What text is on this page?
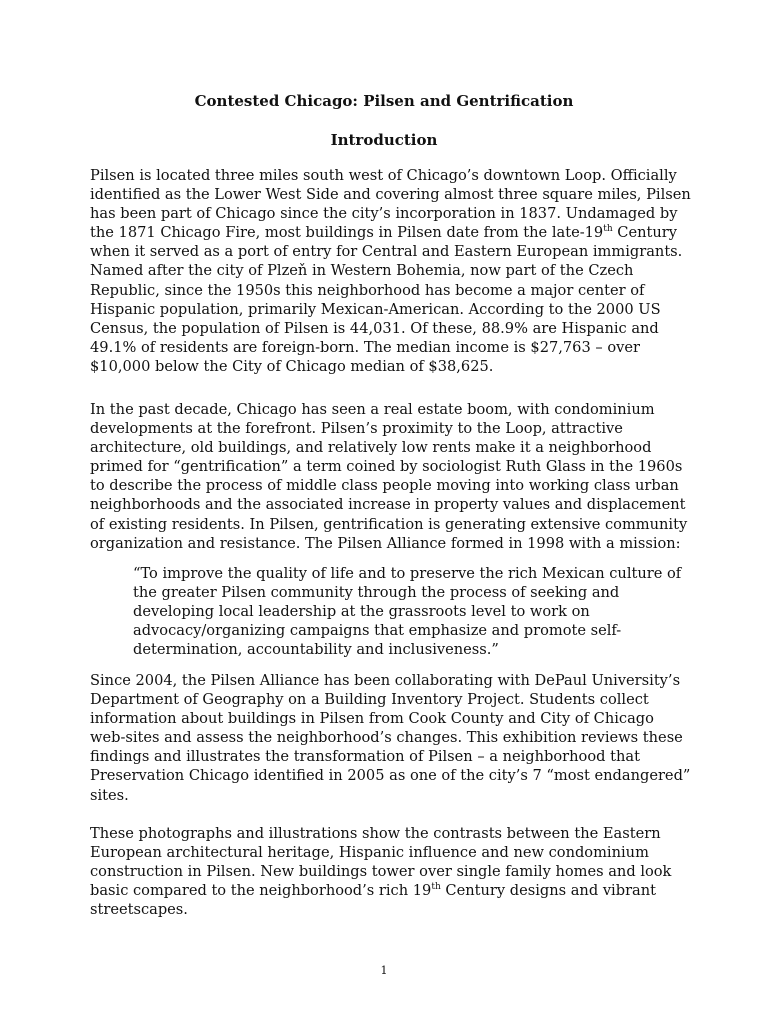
Contested Chicago: Pilsen and Gentrification
Introduction

Pilsen is located three miles south west of Chicago’s downtown Loop. Officially
identified as the Lower West Side and covering almost three square miles, Pilsen
has been part of Chicago since the city’s incorporation in 1837. Undamaged by
the 1871 Chicago Fire, most buildings in Pilsen date from the late-19th Century
when it served as a port of entry for Central and Eastern European immigrants.
Named after the city of Plzeň in Western Bohemia, now part of the Czech
Republic, since the 1950s this neighborhood has become a major center of
Hispanic population, primarily Mexican-American. According to the 2000 US
Census, the population of Pilsen is 44,031. Of these, 88.9% are Hispanic and
49.1% of residents are foreign-born. The median income is $27,763 – over
$10,000 below the City of Chicago median of $38,625.

In the past decade, Chicago has seen a real estate boom, with condominium
developments at the forefront. Pilsen’s proximity to the Loop, attractive
architecture, old buildings, and relatively low rents make it a neighborhood
primed for “gentrification” a term coined by sociologist Ruth Glass in the 1960s
to describe the process of middle class people moving into working class urban
neighborhoods and the associated increase in property values and displacement
of existing residents. In Pilsen, gentrification is generating extensive community
organization and resistance. The Pilsen Alliance formed in 1998 with a mission:

“To improve the quality of life and to preserve the rich Mexican culture of
the greater Pilsen community through the process of seeking and
developing local leadership at the grassroots level to work on
advocacy/organizing campaigns that emphasize and promote self-
determination, accountability and inclusiveness.”

Since 2004, the Pilsen Alliance has been collaborating with DePaul University’s
Department of Geography on a Building Inventory Project. Students collect
information about buildings in Pilsen from Cook County and City of Chicago
web-sites and assess the neighborhood’s changes. This exhibition reviews these
findings and illustrates the transformation of Pilsen – a neighborhood that
Preservation Chicago identified in 2005 as one of the city’s 7 “most endangered”
sites.

These photographs and illustrations show the contrasts between the Eastern
European architectural heritage, Hispanic influence and new condominium
construction in Pilsen. New buildings tower over single family homes and look
basic compared to the neighborhood’s rich 19th Century designs and vibrant
streetscapes.

1
